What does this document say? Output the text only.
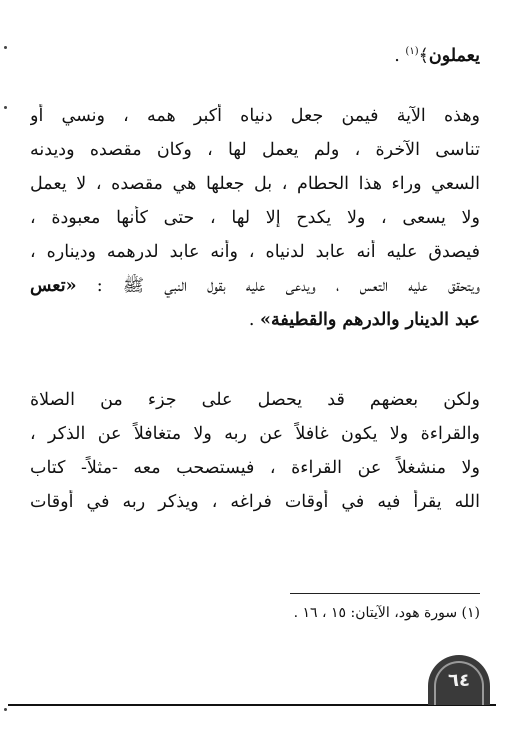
يعملون﴾$^{(١)}$ .
وهذه الآية فيمن جعل دنياه أكبر همه ، ونسي أو
تناسى الآخرة ، ولم يعمل لها ، وكان مقصده وديدنه
السعي وراء هذا الحطام ، بل جعلها هي مقصده ، لا يعمل
ولا يسعى ، ولا يكدح إلا لها ، حتى كأنها معبودة ،
فيصدق عليه أنه عابد لدنياه ، وأنه عابد لدرهمه وديناره ،
ويتحقق عليه التعس ، ويدعى عليه بقول النبي ﷺ : «تعس
عبد الدينار والدرهم والقطيفة» .
ولكن بعضهم قد يحصل على جزء من الصلاة
والقراءة ولا يكون غافلاً عن ربه ولا متغافلاً عن الذكر ،
ولا منشغلاً عن القراءة ، فيستصحب معه -مثلاً- كتاب
الله يقرأ فيه في أوقات فراغه ، ويذكر ربه في أوقات
(١) سورة هود، الآيتان: ١٥ ، ١٦ .
٦٤
